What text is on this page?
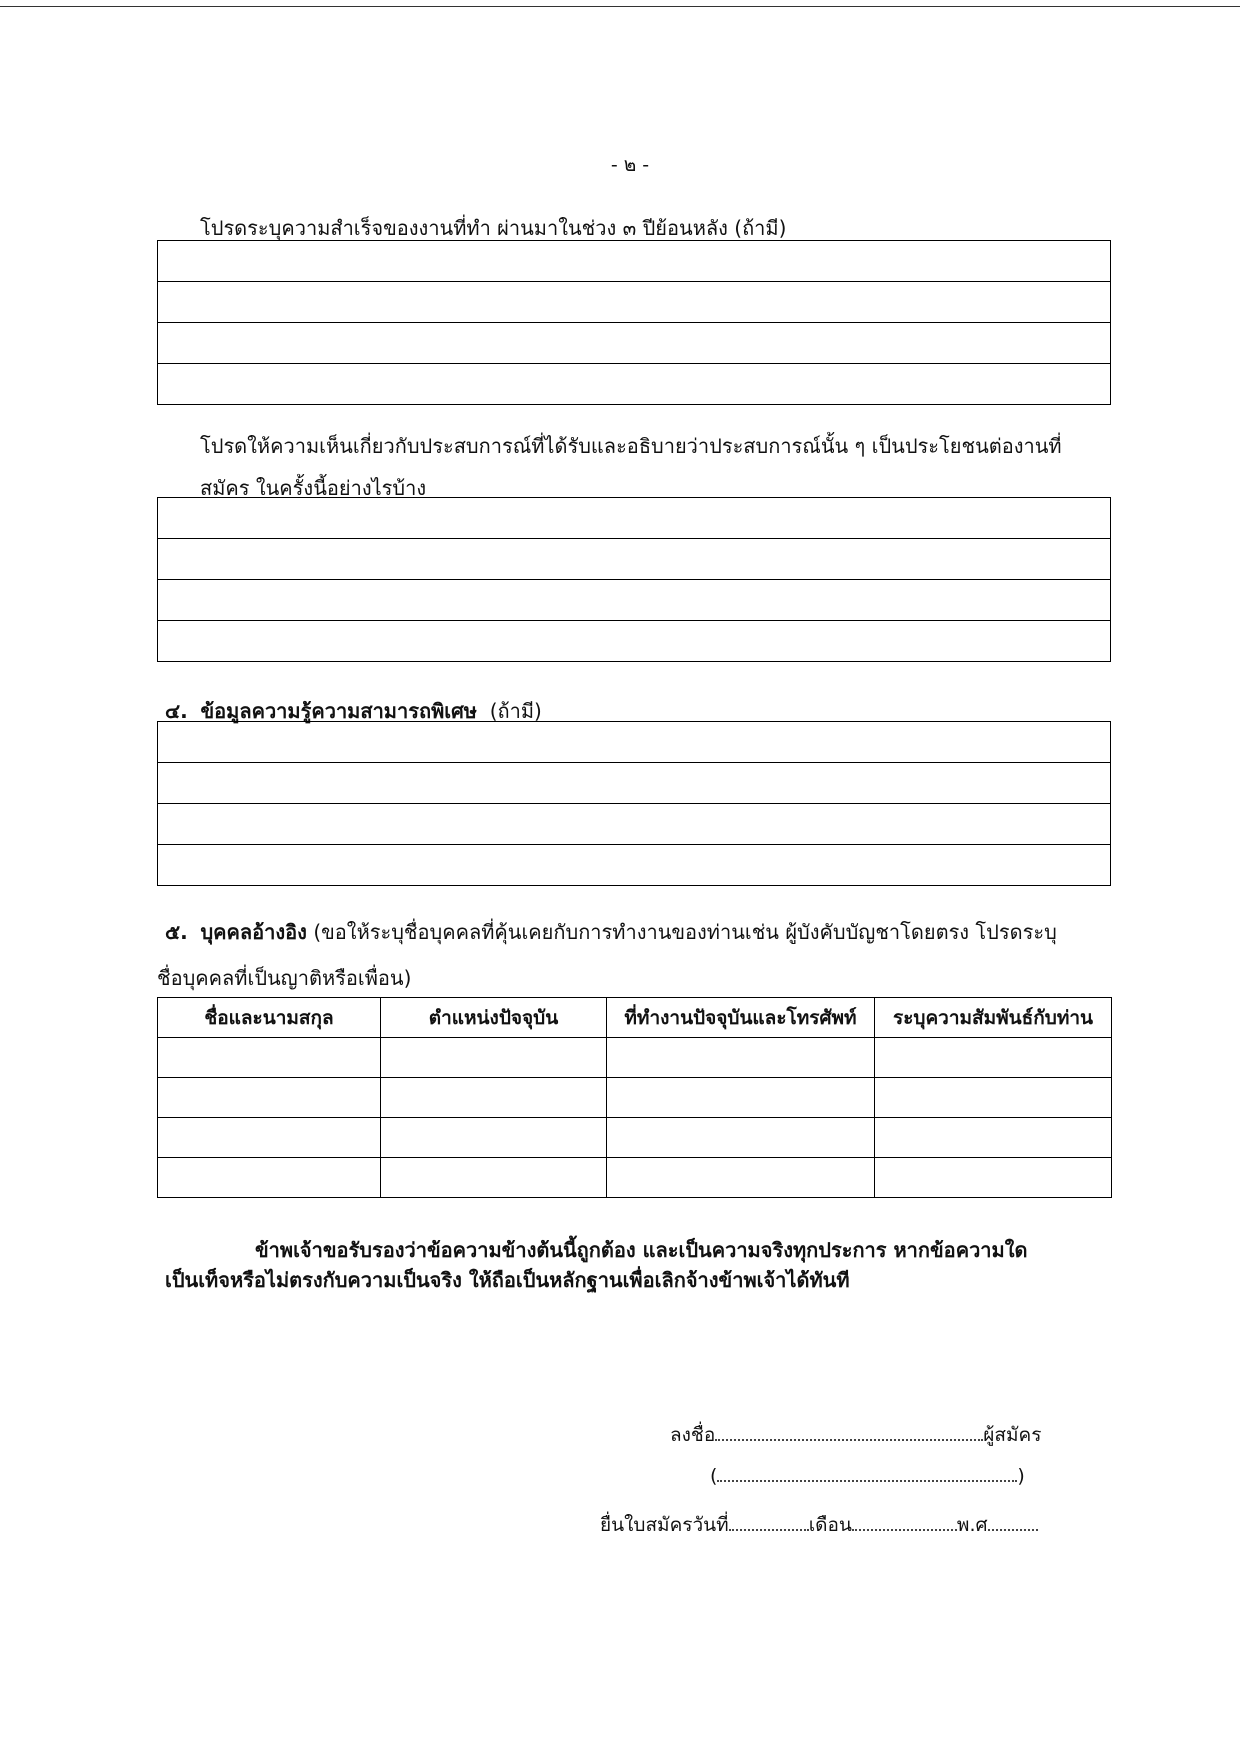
- ๒ -
โปรดระบุความสำเร็จของงานที่ทำ ผ่านมาในช่วง ๓ ปีย้อนหลัง (ถ้ามี)
โปรดให้ความเห็นเกี่ยวกับประสบการณ์ที่ได้รับและอธิบายว่าประสบการณ์นั้น ๆ เป็นประโยชนต่องานที่
สมัคร ในครั้งนี้อย่างไรบ้าง
๔. ข้อมูลความรู้ความสามารถพิเศษ (ถ้ามี)
๕. บุคคลอ้างอิง (ขอให้ระบุชื่อบุคคลที่คุ้นเคยกับการทำงานของท่านเช่น ผู้บังคับบัญชาโดยตรง โปรดระบุ
ชื่อบุคคลที่เป็นญาติหรือเพื่อน)
ชื่อและนามสกุล	ตำแหน่งปัจจุบัน	ที่ทำงานปัจจุบันและโทรศัพท์	ระบุความสัมพันธ์กับท่าน

ข้าพเจ้าขอรับรองว่าข้อความข้างต้นนี้ถูกต้อง และเป็นความจริงทุกประการ หากข้อความใด
เป็นเท็จหรือไม่ตรงกับความเป็นจริง ให้ถือเป็นหลักฐานเพื่อเลิกจ้างข้าพเจ้าได้ทันที
ลงชื่อ	ผู้สมัคร
(	)
ยื่นใบสมัครวันที่	เดือน	พ.ศ
